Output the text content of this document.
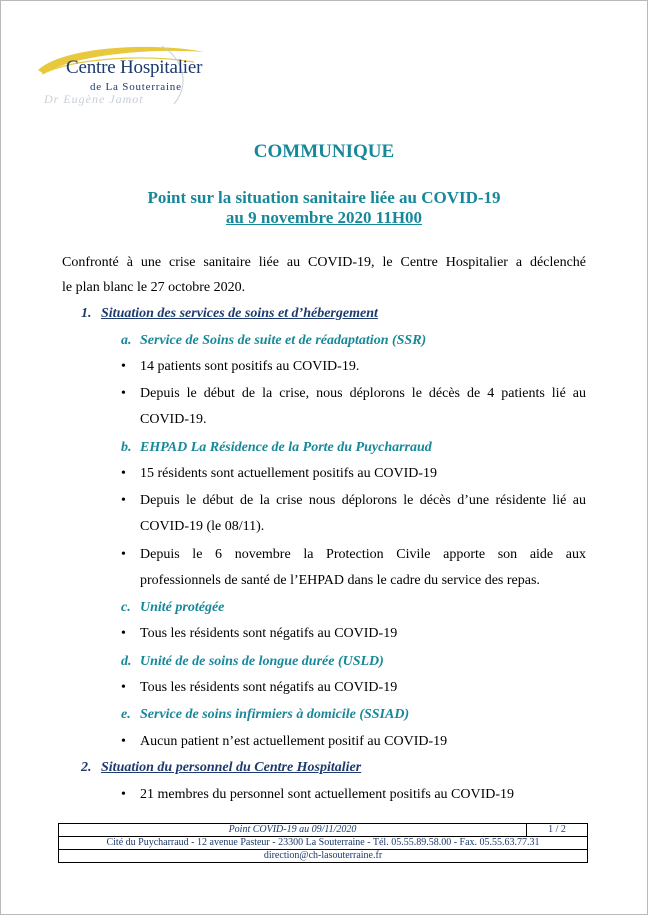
Centre Hospitalier
de La Souterraine
Dr Eugène Jamot
COMMUNIQUE
Point sur la situation sanitaire liée au COVID-19
au 9 novembre 2020 11H00
Confronté à une crise sanitaire liée au COVID-19, le Centre Hospitalier a déclenché
le plan blanc le 27 octobre 2020.
1. Situation des services de soins et d’hébergement
a. Service de Soins de suite et de réadaptation (SSR)
• 14 patients sont positifs au COVID-19.
• Depuis le début de la crise, nous déplorons le décès de 4 patients lié au
COVID-19.
b. EHPAD La Résidence de la Porte du Puycharraud
• 15 résidents sont actuellement positifs au COVID-19
• Depuis le début de la crise nous déplorons le décès d’une résidente lié au
COVID-19 (le 08/11).
• Depuis le 6 novembre la Protection Civile apporte son aide aux
professionnels de santé de l’EHPAD dans le cadre du service des repas.
c. Unité protégée
• Tous les résidents sont négatifs au COVID-19
d. Unité de de soins de longue durée (USLD)
• Tous les résidents sont négatifs au COVID-19
e. Service de soins infirmiers à domicile (SSIAD)
• Aucun patient n’est actuellement positif au COVID-19
2. Situation du personnel du Centre Hospitalier
• 21 membres du personnel sont actuellement positifs au COVID-19
Point COVID-19 au 09/11/2020	1 / 2
Cité du Puycharraud - 12 avenue Pasteur - 23300 La Souterraine - Tél. 05.55.89.58.00 - Fax. 05.55.63.77.31
direction@ch-lasouterraine.fr
